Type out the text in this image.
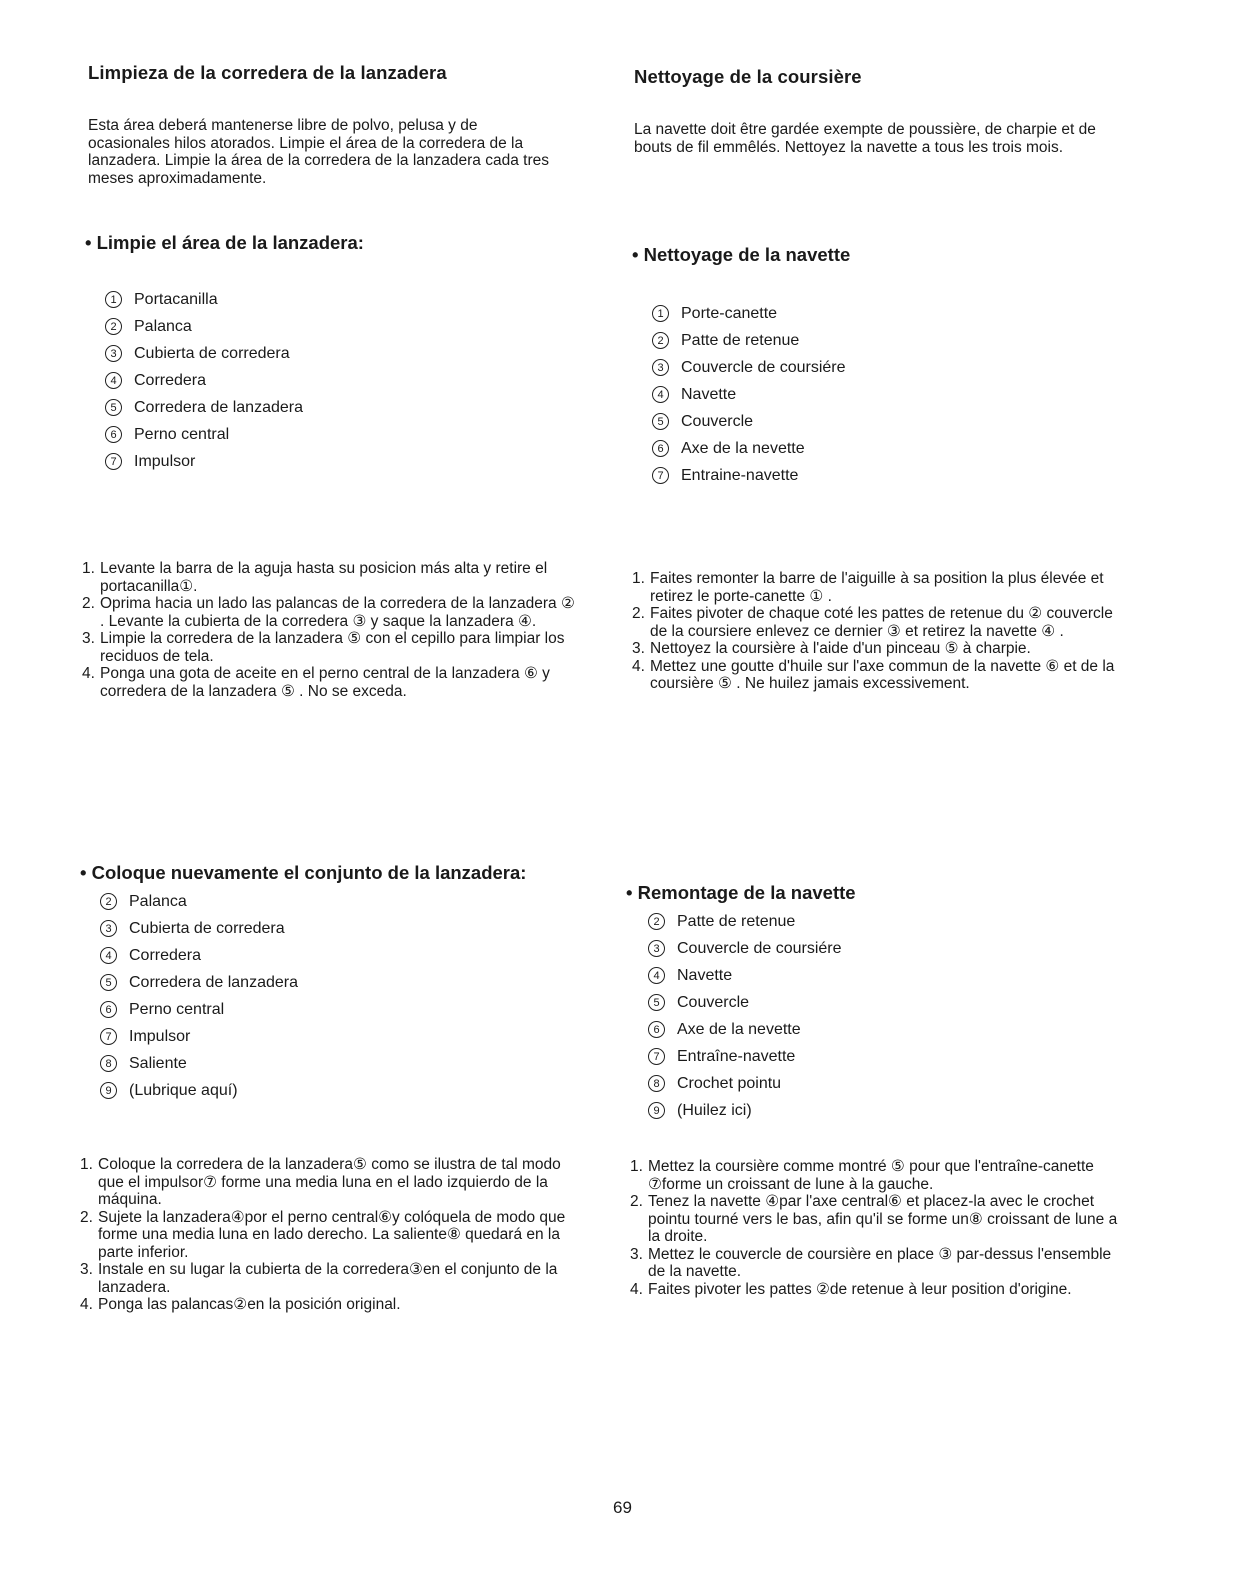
Limpieza de la corredera de la lanzadera
Esta área deberá mantenerse libre de polvo, pelusa y de ocasionales hilos atorados. Limpie el área de la corredera de la lanzadera. Limpie la área de la corredera de la lanzadera cada tres meses aproximadamente.
• Limpie el área de la lanzadera:
1	Portacanilla
2	Palanca
3	Cubierta de corredera
4	Corredera
5	Corredera de lanzadera
6	Perno central
7	Impulsor
1. Levante la barra de la aguja hasta su posicion más alta y retire el portacanilla①.
2. Oprima hacia un lado las palancas de la corredera de la lanzadera ② . Levante la cubierta de la corredera ③ y saque la lanzadera ④.
3. Limpie la corredera de la lanzadera ⑤ con el cepillo para limpiar los reciduos de tela.
4. Ponga una gota de aceite en el perno central de la lanzadera ⑥ y corredera de la lanzadera ⑤ . No se exceda.
• Coloque nuevamente el conjunto de la lanzadera:
2	Palanca
3	Cubierta de corredera
4	Corredera
5	Corredera de lanzadera
6	Perno central
7	Impulsor
8	Saliente
9	(Lubrique aquí)
1. Coloque la corredera de la lanzadera⑤ como se ilustra de tal modo que el impulsor⑦ forme una media luna en el lado izquierdo de la máquina.
2. Sujete la lanzadera④por el perno central⑥y colóquela de modo que forme una media luna en lado derecho. La saliente⑧ quedará en la parte inferior.
3. Instale en su lugar la cubierta de la corredera③en el conjunto de la lanzadera.
4. Ponga las palancas②en la posición original.
Nettoyage de la coursière
La navette doit être gardée exempte de poussière, de charpie et de bouts de fil emmêlés. Nettoyez la navette a tous les trois mois.
• Nettoyage de la navette
1	Porte-canette
2	Patte de retenue
3	Couvercle de coursiére
4	Navette
5	Couvercle
6	Axe de la nevette
7	Entraine-navette
1. Faites remonter la barre de l'aiguille à sa position la plus élevée et retirez le porte-canette ① .
2. Faites pivoter de chaque coté les pattes de retenue du ② couvercle de la coursiere enlevez ce dernier ③ et retirez la navette ④ .
3. Nettoyez la coursière à l'aide d'un pinceau ⑤ à charpie.
4. Mettez une goutte d'huile sur l'axe commun de la navette ⑥ et de la coursière ⑤ . Ne huilez jamais excessivement.
• Remontage de la navette
2	Patte de retenue
3	Couvercle de coursiére
4	Navette
5	Couvercle
6	Axe de la nevette
7	Entraîne-navette
8	Crochet pointu
9	(Huilez ici)
1. Mettez la coursière comme montré ⑤ pour que l'entraîne-canette ⑦forme un croissant de lune à la gauche.
2. Tenez la navette ④par l'axe central⑥ et placez-la avec le crochet pointu tourné vers le bas, afin qu'il se forme un⑧ croissant de lune a la droite.
3. Mettez le couvercle de coursière en place ③ par-dessus l'ensemble de la navette.
4. Faites pivoter les pattes ②de retenue à leur position d'origine.
69
